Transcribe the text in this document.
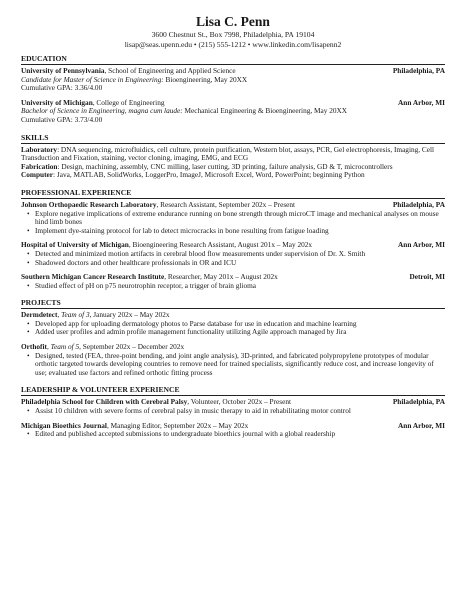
Lisa C. Penn
3600 Chestnut St., Box 7998, Philadelphia, PA 19104
lisap@seas.upenn.edu • (215) 555-1212 • www.linkedin.com/lisapenn2
EDUCATION
University of Pennsylvania, School of Engineering and Applied Science	Philadelphia, PA
Candidate for Master of Science in Engineering: Bioengineering, May 20XX
Cumulative GPA: 3.36/4.00
University of Michigan, College of Engineering	Ann Arbor, MI
Bachelor of Science in Engineering, magna cum laude: Mechanical Engineering & Bioengineering, May 20XX
Cumulative GPA: 3.73/4.00
SKILLS
Laboratory: DNA sequencing, microfluidics, cell culture, protein purification, Western blot, assays, PCR, Gel electrophoresis, Imaging, Cell Transduction and Fixation, staining, vector cloning, imaging, EMG, and ECG
Fabrication: Design, machining, assembly, CNC milling, laser cutting, 3D printing, failure analysis, GD & T, microcontrollers
Computer: Java, MATLAB, SolidWorks, LoggerPro, ImageJ, Microsoft Excel, Word, PowerPoint; beginning Python
PROFESSIONAL EXPERIENCE
Johnson Orthopaedic Research Laboratory, Research Assistant, September 202x – Present	Philadelphia, PA
• Explore negative implications of extreme endurance running on bone strength through microCT image and mechanical analyses on mouse hind limb bones
• Implement dye-staining protocol for lab to detect microcracks in bone resulting from fatigue loading
Hospital of University of Michigan, Bioengineering Research Assistant, August 201x – May 202x	Ann Arbor, MI
• Detected and minimized motion artifacts in cerebral blood flow measurements under supervision of Dr. X. Smith
• Shadowed doctors and other healthcare professionals in OR and ICU
Southern Michigan Cancer Research Institute, Researcher, May 201x – August 202x	Detroit, MI
• Studied effect of pH on p75 neurotrophin receptor, a trigger of brain glioma
PROJECTS
Dermdetect, Team of 3, January 202x – May 202x
• Developed app for uploading dermatology photos to Parse database for use in education and machine learning
• Added user profiles and admin profile management functionality utilizing Agile approach managed by Jira
Orthofit, Team of 5, September 202x – December 202x
• Designed, tested (FEA, three-point bending, and joint angle analysis), 3D-printed, and fabricated polypropylene prototypes of modular orthotic targeted towards developing countries to remove need for trained specialists, significantly reduce cost, and increase longevity of use; evaluated use factors and refined orthotic fitting process
LEADERSHIP & VOLUNTEER EXPERIENCE
Philadelphia School for Children with Cerebral Palsy, Volunteer, October 202x – Present	Philadelphia, PA
• Assist 10 children with severe forms of cerebral palsy in music therapy to aid in rehabilitating motor control
Michigan Bioethics Journal, Managing Editor, September 202x – May 202x	Ann Arbor, MI
• Edited and published accepted submissions to undergraduate bioethics journal with a global readership
